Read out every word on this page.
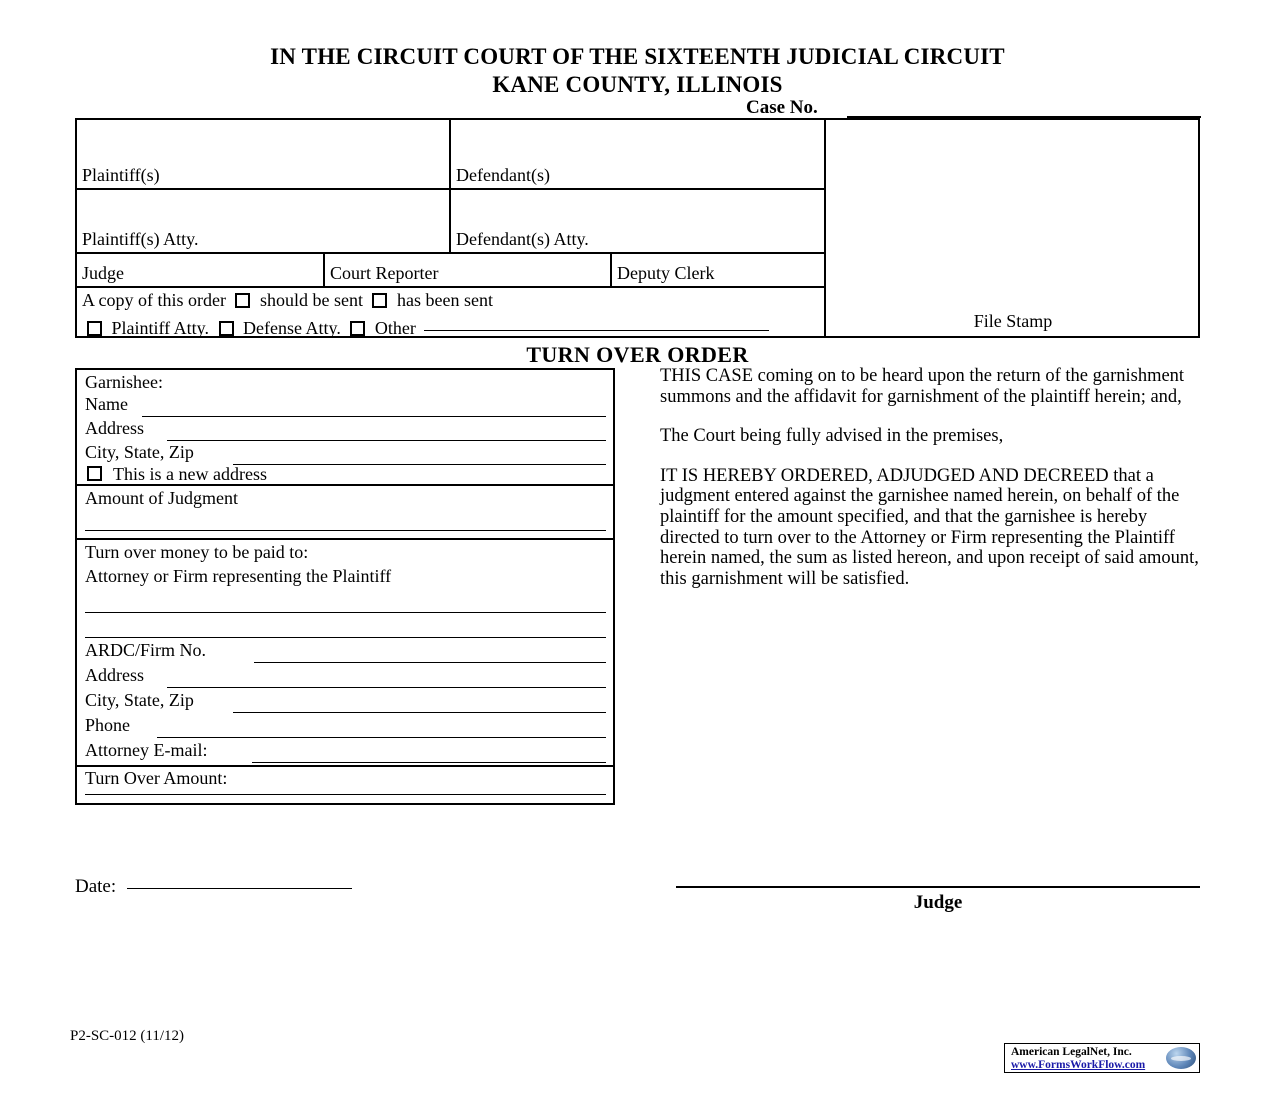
IN THE CIRCUIT COURT OF THE SIXTEENTH JUDICIAL CIRCUIT
KANE COUNTY, ILLINOIS
Case No.
Plaintiff(s)	Defendant(s)
Plaintiff(s) Atty.	Defendant(s) Atty.
Judge	Court Reporter	Deputy Clerk
A copy of this order should be sent has been sent
Plaintiff Atty. Defense Atty. Other	File Stamp
TURN OVER ORDER
Garnishee:
Name
Address
City, State, Zip
This is a new address
Amount of Judgment
Turn over money to be paid to:
Attorney or Firm representing the Plaintiff
ARDC/Firm No.
Address
City, State, Zip
Phone
Attorney E-mail:
Turn Over Amount:

THIS CASE coming on to be heard upon the return of the garnishment summons and the affidavit for garnishment of the plaintiff herein; and,

The Court being fully advised in the premises,

IT IS HEREBY ORDERED, ADJUDGED AND DECREED that a judgment entered against the garnishee named herein, on behalf of the plaintiff for the amount specified, and that the garnishee is hereby directed to turn over to the Attorney or Firm representing the Plaintiff herein named, the sum as listed hereon, and upon receipt of said amount, this garnishment will be satisfied.

Date:
Judge
P2-SC-012 (11/12)
American LegalNet, Inc.
www.FormsWorkFlow.com
